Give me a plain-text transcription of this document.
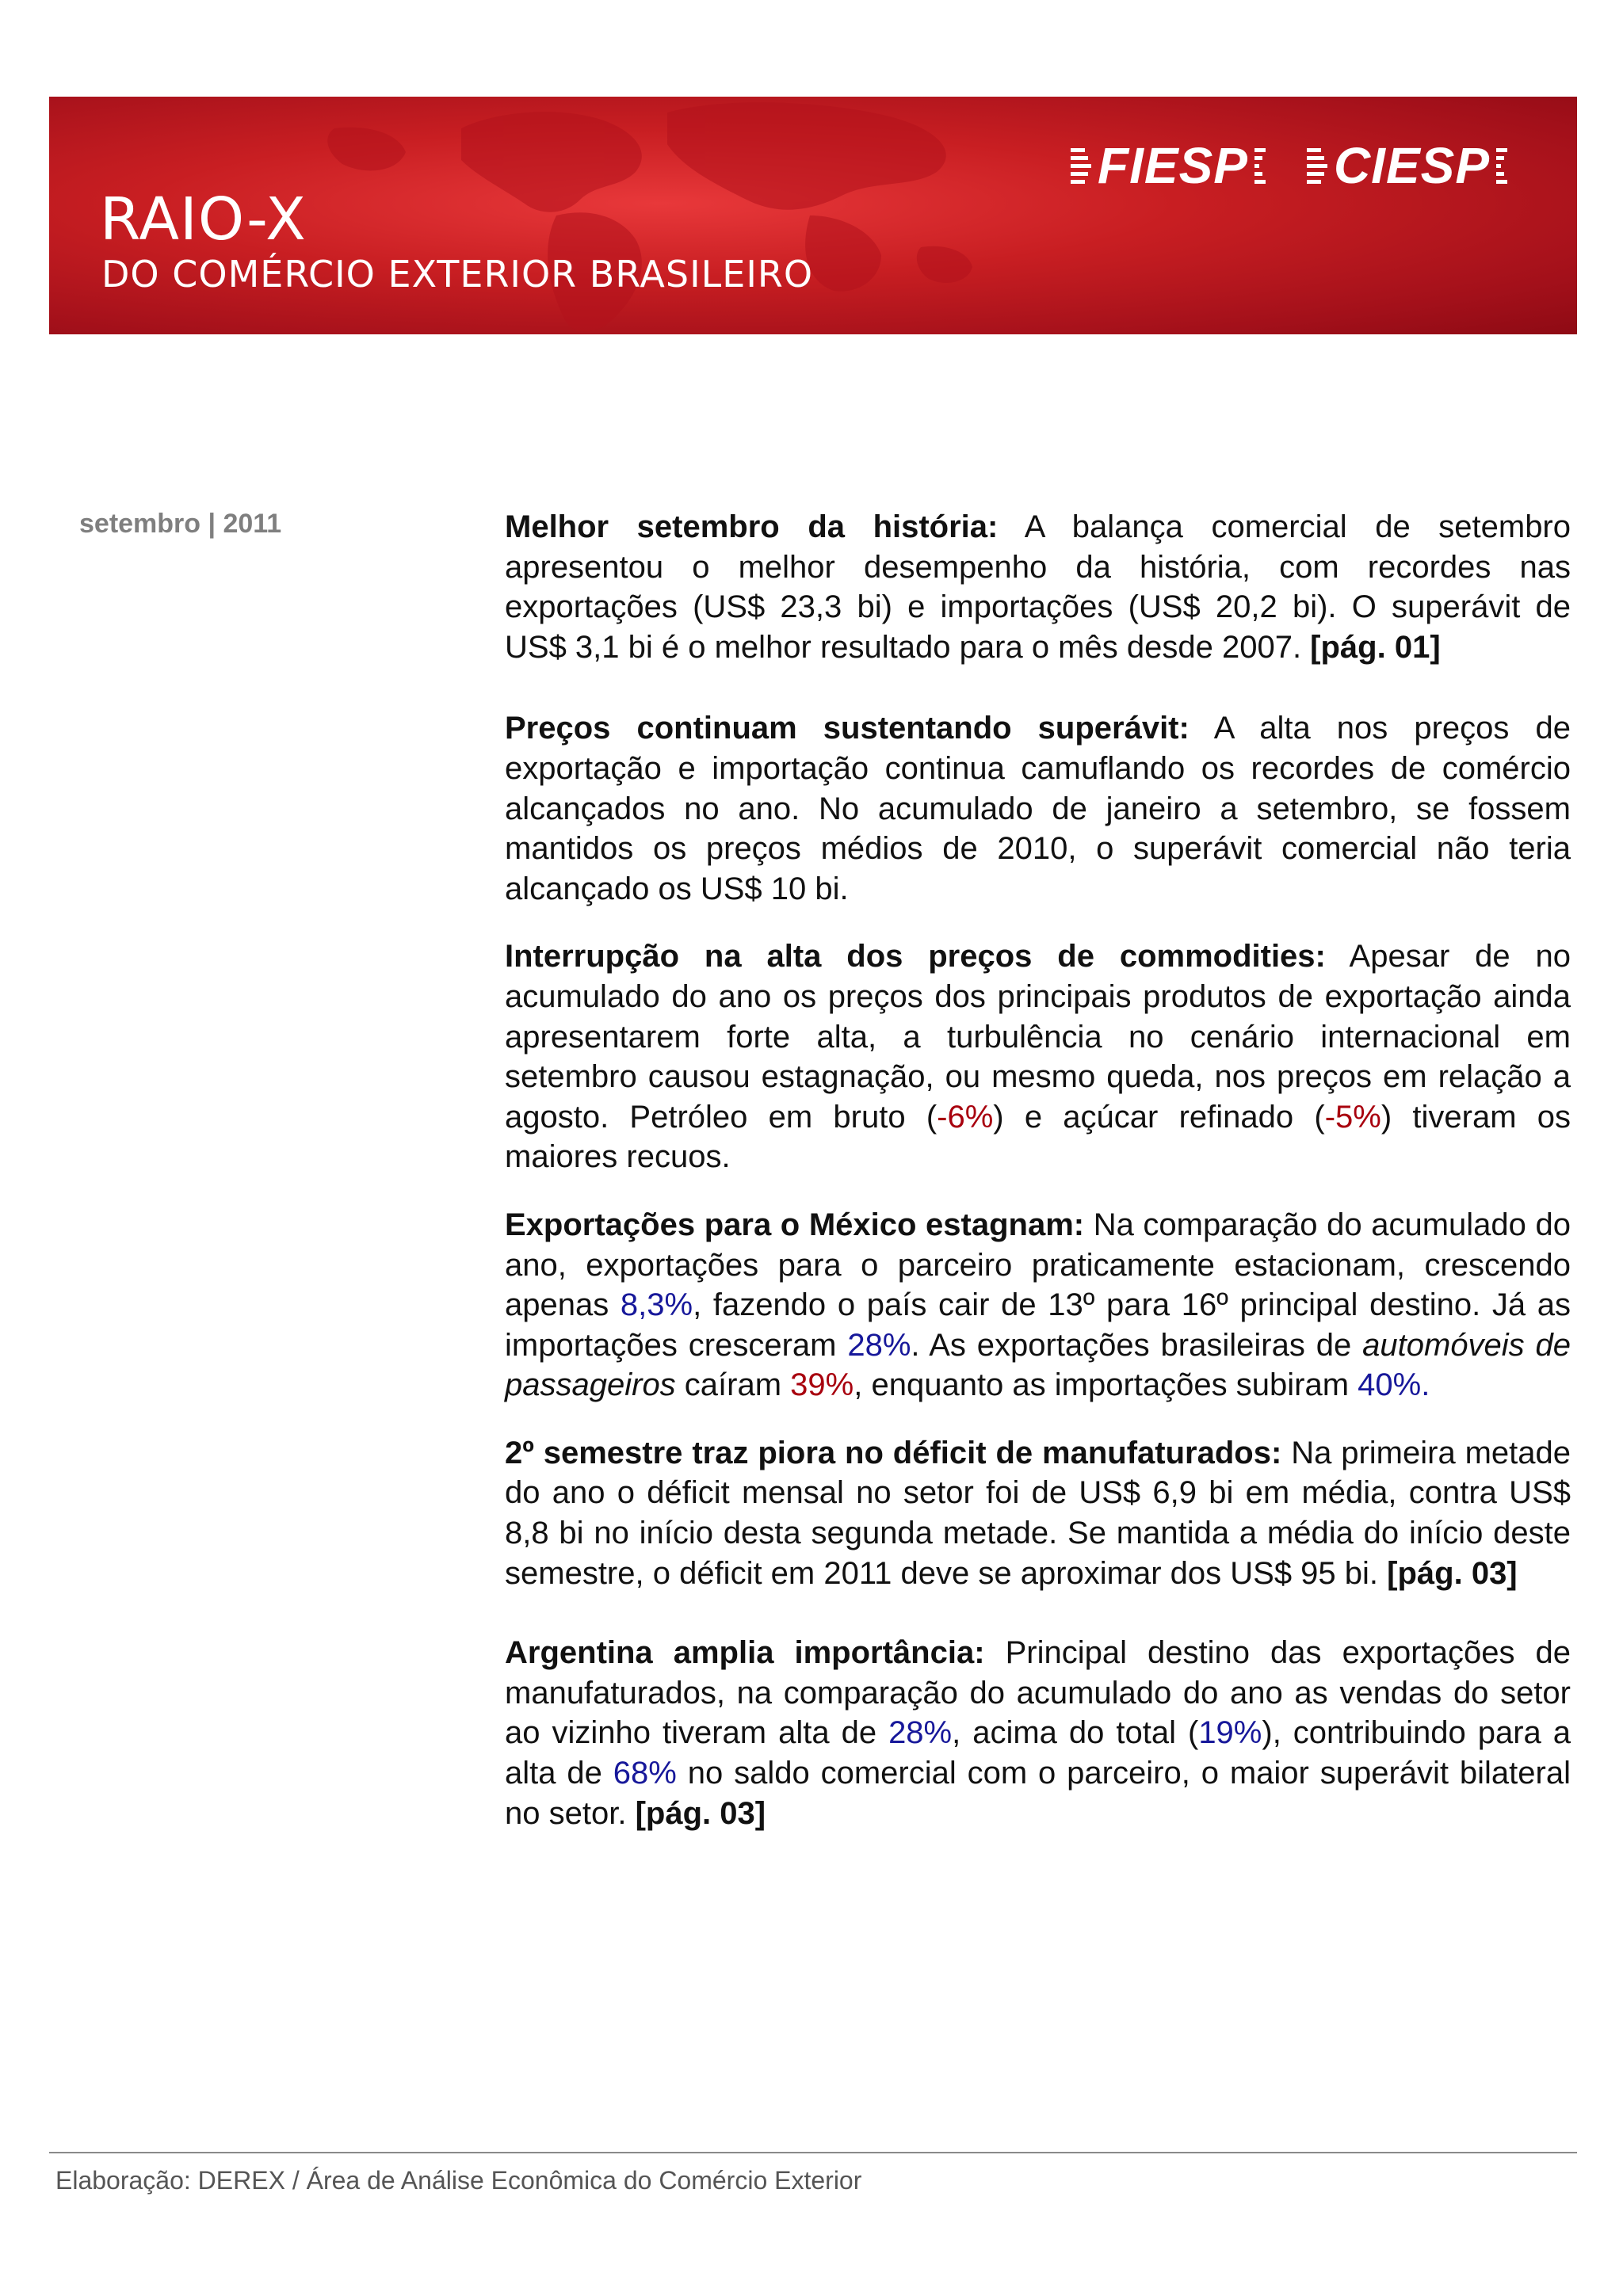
RAIO-X
DO COMÉRCIO EXTERIOR BRASILEIRO
FIESP CIESP
setembro | 2011	Melhor setembro da história: A balança comercial de setembro apresentou o melhor desempenho da história, com recordes nas exportações (US$ 23,3 bi) e importações (US$ 20,2 bi). O superávit de US$ 3,1 bi é o melhor resultado para o mês desde 2007. [pág. 01]

Preços continuam sustentando superávit: A alta nos preços de exportação e importação continua camuflando os recordes de comércio alcançados no ano. No acumulado de janeiro a setembro, se fossem mantidos os preços médios de 2010, o superávit comercial não teria alcançado os US$ 10 bi.

Interrupção na alta dos preços de commodities: Apesar de no acumulado do ano os preços dos principais produtos de exportação ainda apresentarem forte alta, a turbulência no cenário internacional em setembro causou estagnação, ou mesmo queda, nos preços em relação a agosto. Petróleo em bruto (-6%) e açúcar refinado (-5%) tiveram os maiores recuos.

Exportações para o México estagnam: Na comparação do acumulado do ano, exportações para o parceiro praticamente estacionam, crescendo apenas 8,3%, fazendo o país cair de 13º para 16º principal destino. Já as importações cresceram 28%. As exportações brasileiras de automóveis de passageiros caíram 39%, enquanto as importações subiram 40%.

2º semestre traz piora no déficit de manufaturados: Na primeira metade do ano o déficit mensal no setor foi de US$ 6,9 bi em média, contra US$ 8,8 bi no início desta segunda metade. Se mantida a média do início deste semestre, o déficit em 2011 deve se aproximar dos US$ 95 bi. [pág. 03]

Argentina amplia importância: Principal destino das exportações de manufaturados, na comparação do acumulado do ano as vendas do setor ao vizinho tiveram alta de 28%, acima do total (19%), contribuindo para a alta de 68% no saldo comercial com o parceiro, o maior superávit bilateral no setor. [pág. 03]

Elaboração: DEREX / Área de Análise Econômica do Comércio Exterior
